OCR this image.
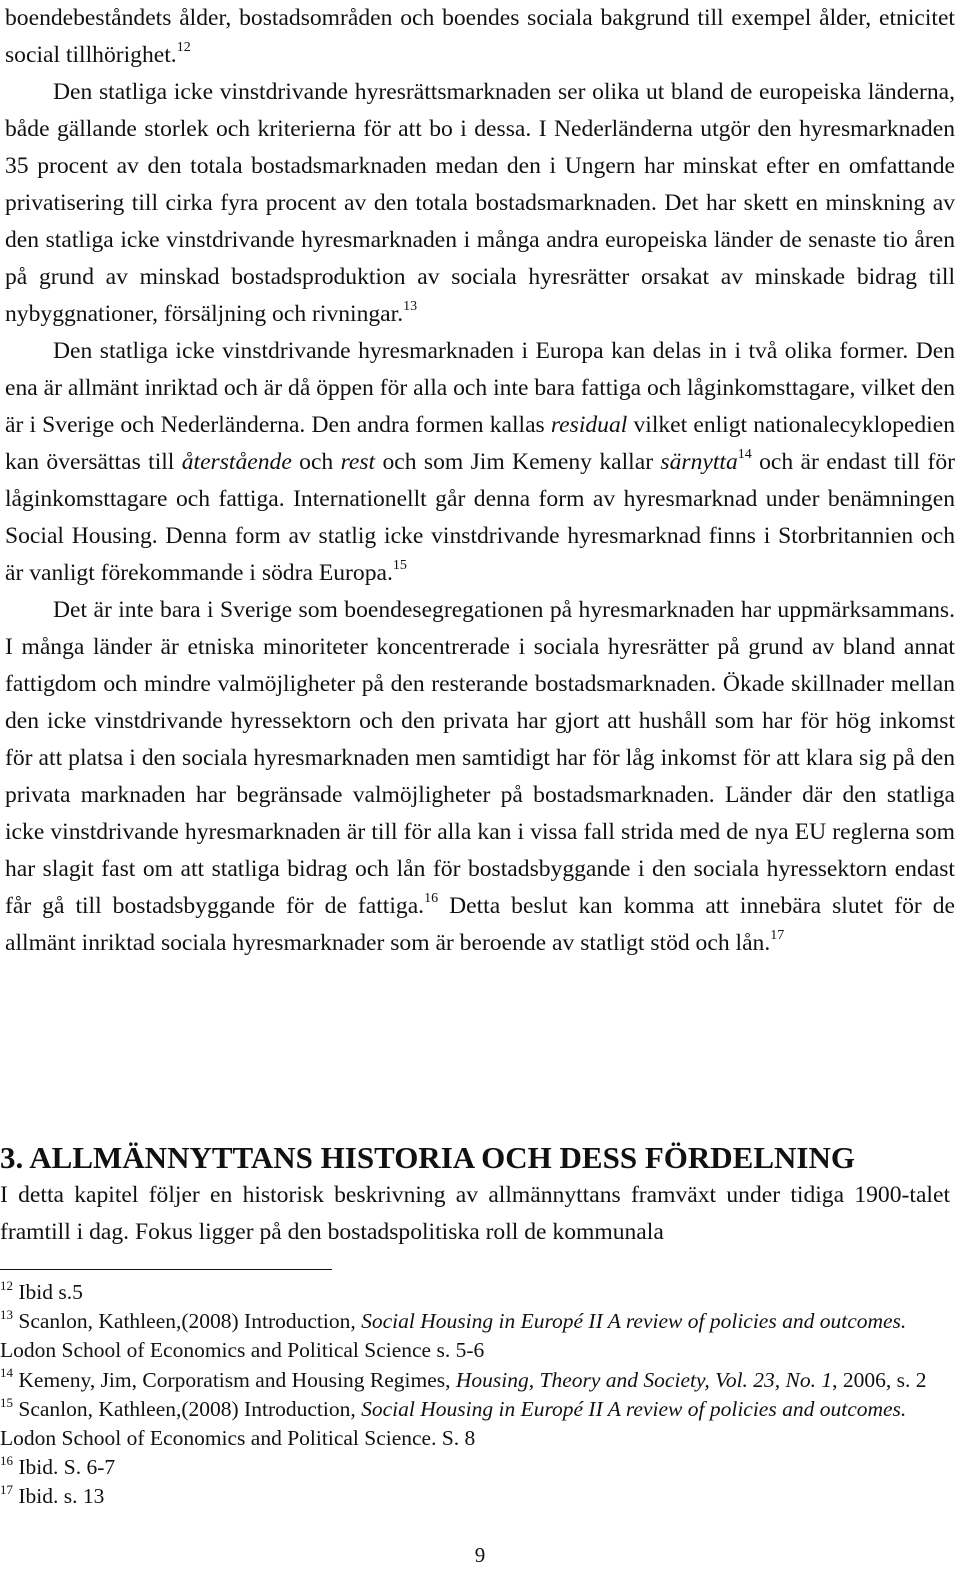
boendebeståndets ålder, bostadsområden och boendes sociala bakgrund till exempel ålder, etnicitet social tillhörighet.$^{12}$

Den statliga icke vinstdrivande hyresrättsmarknaden ser olika ut bland de europeiska länderna, både gällande storlek och kriterierna för att bo i dessa. I Nederländerna utgör den hyresmarknaden 35 procent av den totala bostadsmarknaden medan den i Ungern har minskat efter en omfattande privatisering till cirka fyra procent av den totala bostadsmarknaden. Det har skett en minskning av den statliga icke vinstdrivande hyresmarknaden i många andra europeiska länder de senaste tio åren på grund av minskad bostadsproduktion av sociala hyresrätter orsakat av minskade bidrag till nybyggnationer, försäljning och rivningar.$^{13}$

Den statliga icke vinstdrivande hyresmarknaden i Europa kan delas in i två olika former. Den ena är allmänt inriktad och är då öppen för alla och inte bara fattiga och låginkomsttagare, vilket den är i Sverige och Nederländerna. Den andra formen kallas residual vilket enligt nationalecyklopedien kan översättas till återstående och rest och som Jim Kemeny kallar särnytta$^{14}$ och är endast till för låginkomsttagare och fattiga. Internationellt går denna form av hyresmarknad under benämningen Social Housing. Denna form av statlig icke vinstdrivande hyresmarknad finns i Storbritannien och är vanligt förekommande i södra Europa.$^{15}$

Det är inte bara i Sverige som boendesegregationen på hyresmarknaden har uppmärksammans. I många länder är etniska minoriteter koncentrerade i sociala hyresrätter på grund av bland annat fattigdom och mindre valmöjligheter på den resterande bostadsmarknaden. Ökade skillnader mellan den icke vinstdrivande hyressektorn och den privata har gjort att hushåll som har för hög inkomst för att platsa i den sociala hyresmarknaden men samtidigt har för låg inkomst för att klara sig på den privata marknaden har begränsade valmöjligheter på bostadsmarknaden. Länder där den statliga icke vinstdrivande hyresmarknaden är till för alla kan i vissa fall strida med de nya EU reglerna som har slagit fast om att statliga bidrag och lån för bostadsbyggande i den sociala hyressektorn endast får gå till bostadsbyggande för de fattiga.$^{16}$ Detta beslut kan komma att innebära slutet för de allmänt inriktad sociala hyresmarknader som är beroende av statligt stöd och lån.$^{17}$

3. ALLMÄNNYTTANS HISTORIA OCH DESS FÖRDELNING

I detta kapitel följer en historisk beskrivning av allmännyttans framväxt under tidiga 1900-talet framtill i dag. Fokus ligger på den bostadspolitiska roll de kommunala

$^{12}$ Ibid s.5

$^{13}$ Scanlon, Kathleen,(2008) Introduction, Social Housing in Europé II A review of policies and outcomes. Lodon School of Economics and Political Science s. 5-6

$^{14}$ Kemeny, Jim, Corporatism and Housing Regimes, Housing, Theory and Society, Vol. 23, No. 1, 2006, s. 2

$^{15}$ Scanlon, Kathleen,(2008) Introduction, Social Housing in Europé II A review of policies and outcomes. Lodon School of Economics and Political Science. S. 8

$^{16}$ Ibid. S. 6-7

$^{17}$ Ibid. s. 13

9
